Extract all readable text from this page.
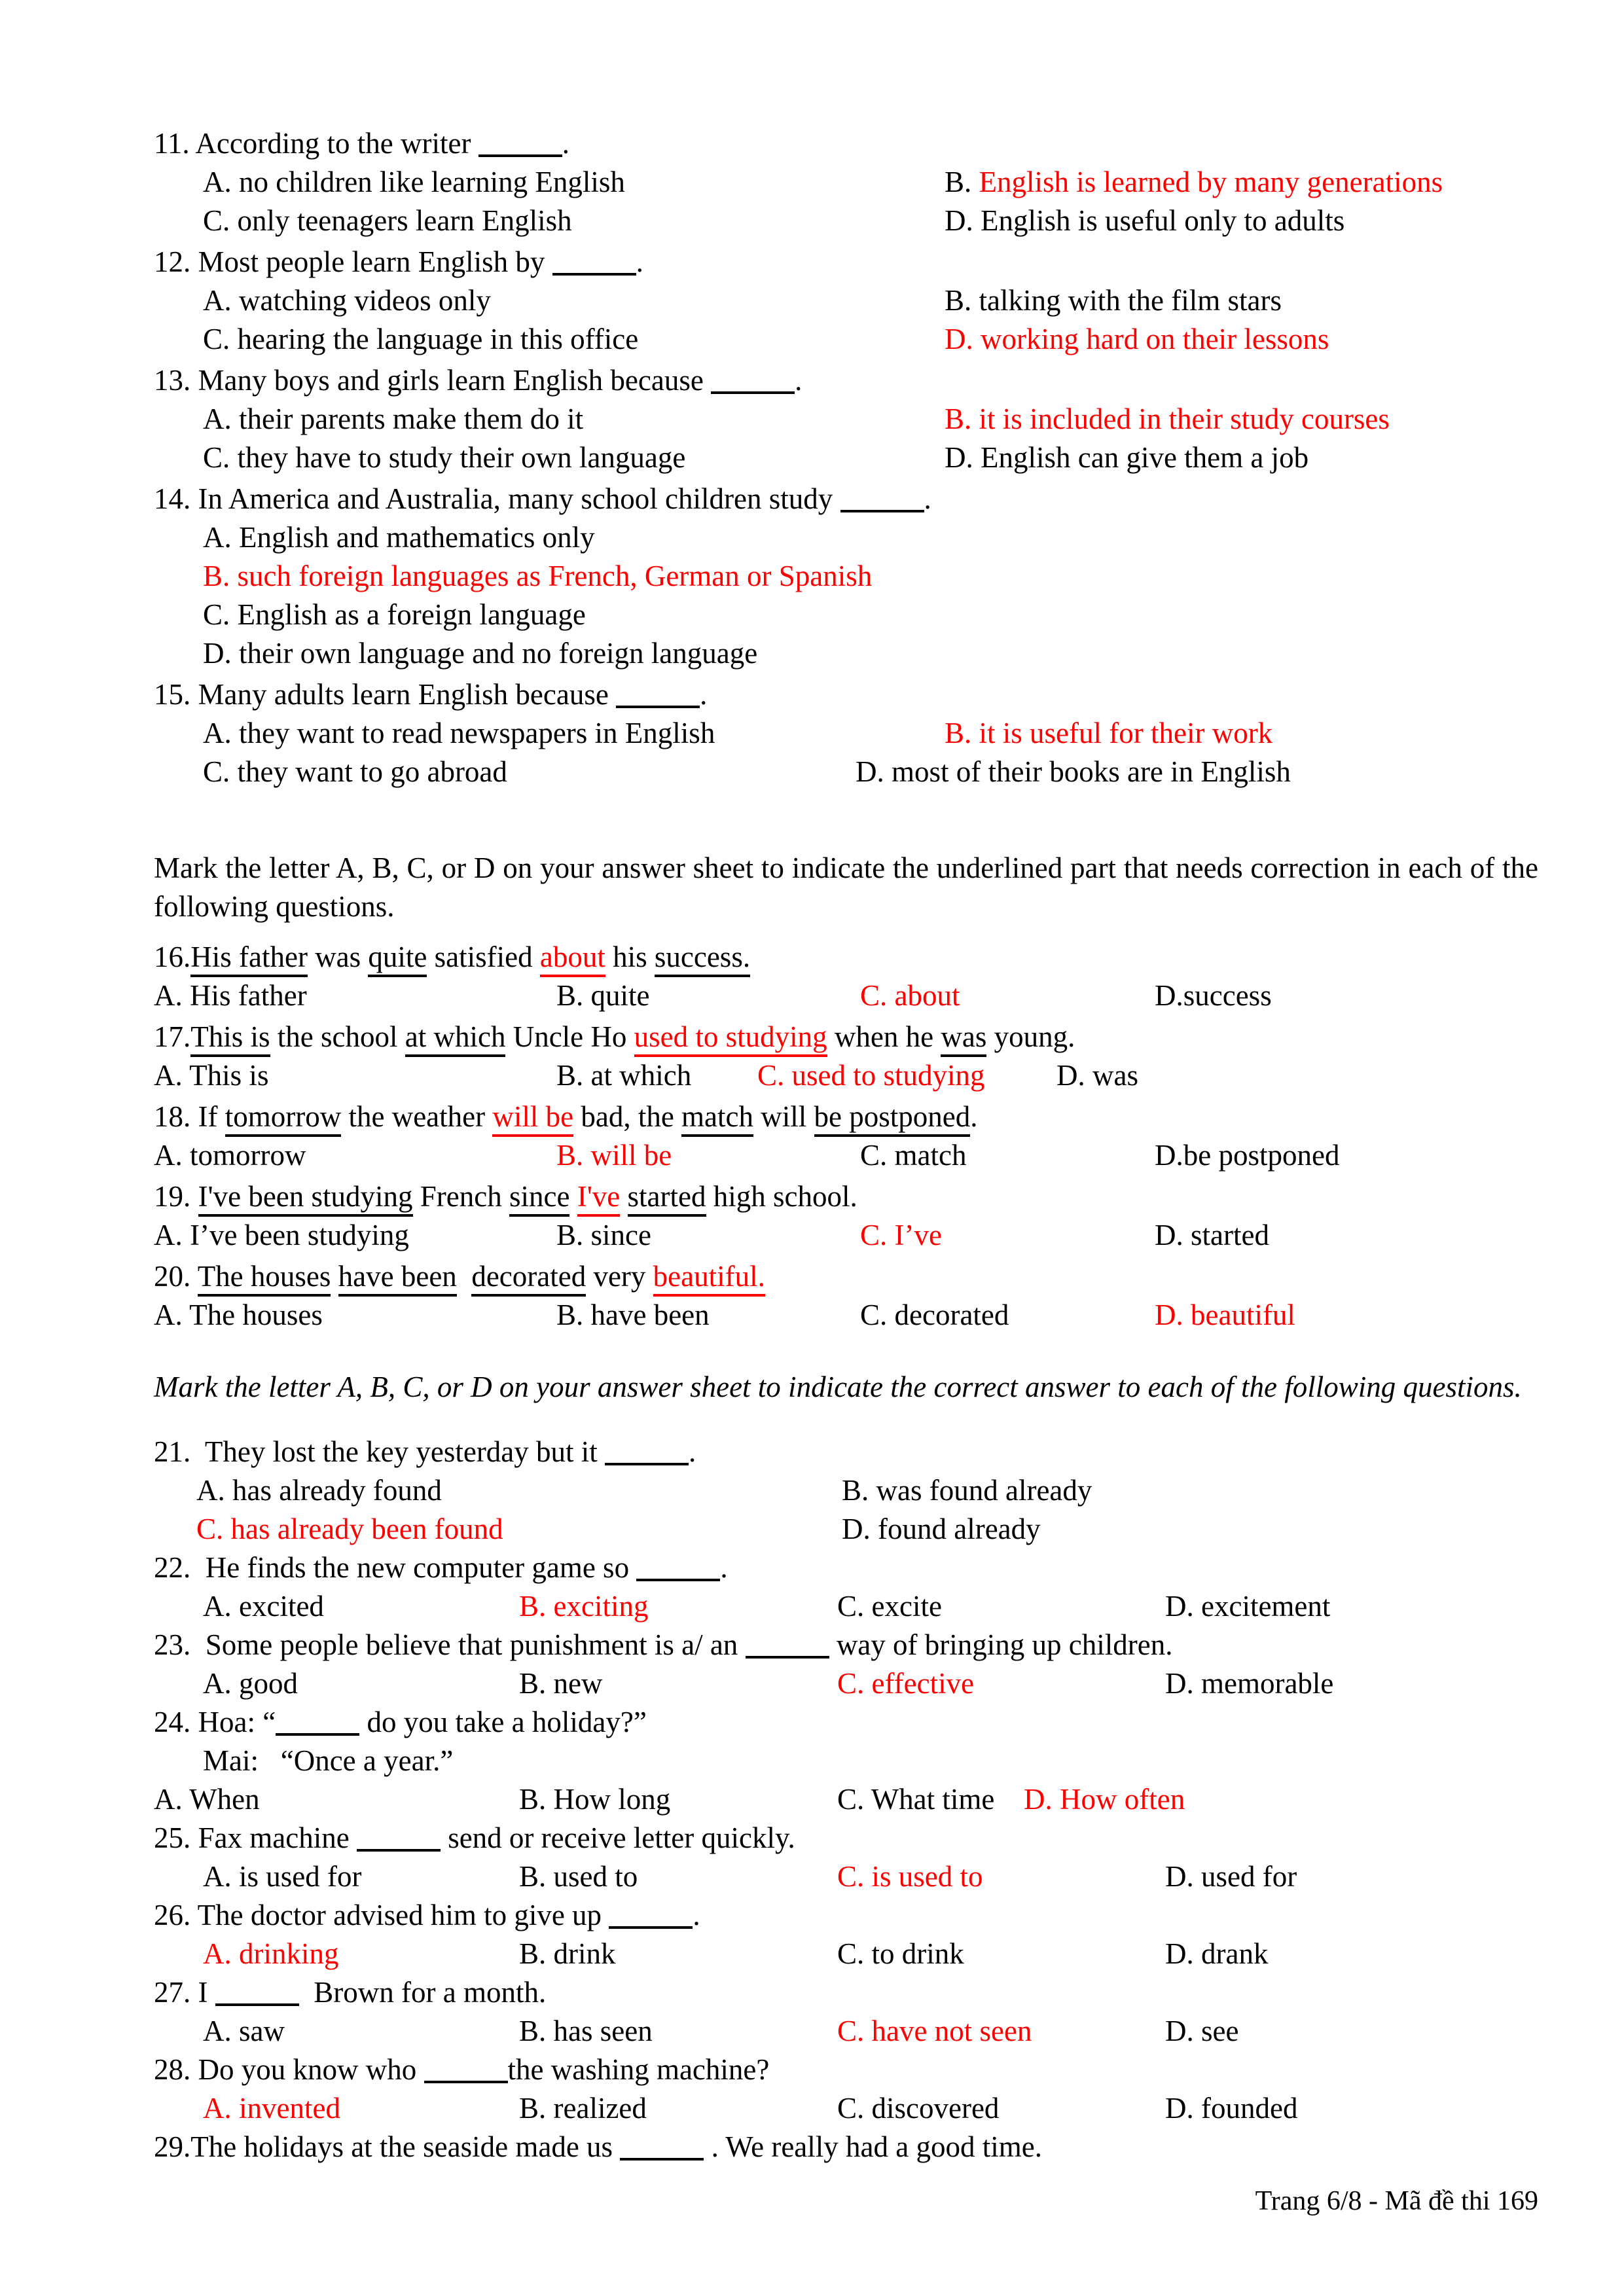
11. According to the writer	.
A. no children like learning English	B. English is learned by many generations
C. only teenagers learn English	D. English is useful only to adults
12. Most people learn English by	.
A. watching videos only	B. talking with the film stars
C. hearing the language in this office	D. working hard on their lessons
13. Many boys and girls learn English because	.
A. their parents make them do it	B. it is included in their study courses
C. they have to study their own language	D. English can give them a job
14. In America and Australia, many school children study	.
A. English and mathematics only
B. such foreign languages as French, German or Spanish
C. English as a foreign language
D. their own language and no foreign language
15. Many adults learn English because	.
A. they want to read newspapers in English	B. it is useful for their work
C. they want to go abroad	D. most of their books are in English
Mark the letter A, B, C, or D on your answer sheet to indicate the underlined part that needs correction in each of the following questions.
16.His father was quite satisfied about his success.
A. His father	B. quite	C. about	D.success
17.This is the school at which Uncle Ho used to studying when he was young.
A. This is	B. at which	C. used to studying	D. was
18. If tomorrow the weather will be bad, the match will be postponed.
A. tomorrow	B. will be	C. match	D.be postponed
19. I've been studying French since I've started high school.
A. I’ve been studying	B. since	C. I’ve	D. started
20. The houses have been decorated very beautiful.
A. The houses	B. have been	C. decorated	D. beautiful
Mark the letter A, B, C, or D on your answer sheet to indicate the correct answer to each of the following questions.
21.  They lost the key yesterday but it	.
A. has already found	B. was found already
C. has already been found	D. found already
22.  He finds the new computer game so	.
A. excited	B. exciting	C. excite	D. excitement
23.  Some people believe that punishment is a/ an	way of bringing up children.
A. good	B. new	C. effective	D. memorable
24. Hoa: “	do you take a holiday?”
Mai:   “Once a year.”
A. When	B. How long	C. What time D. How often
25. Fax machine	send or receive letter quickly.
A. is used for	B. used to	C. is used to	D. used for
26. The doctor advised him to give up	.
A. drinking	B. drink	C. to drink	D. drank
27. I	Brown for a month.
A. saw	B. has seen	C. have not seen	D. see
28. Do you know who	the washing machine?
A. invented	B. realized	C. discovered	D. founded
29.The holidays at the seaside made us	. We really had a good time.
Trang 6/8 - Mã đề thi 169
